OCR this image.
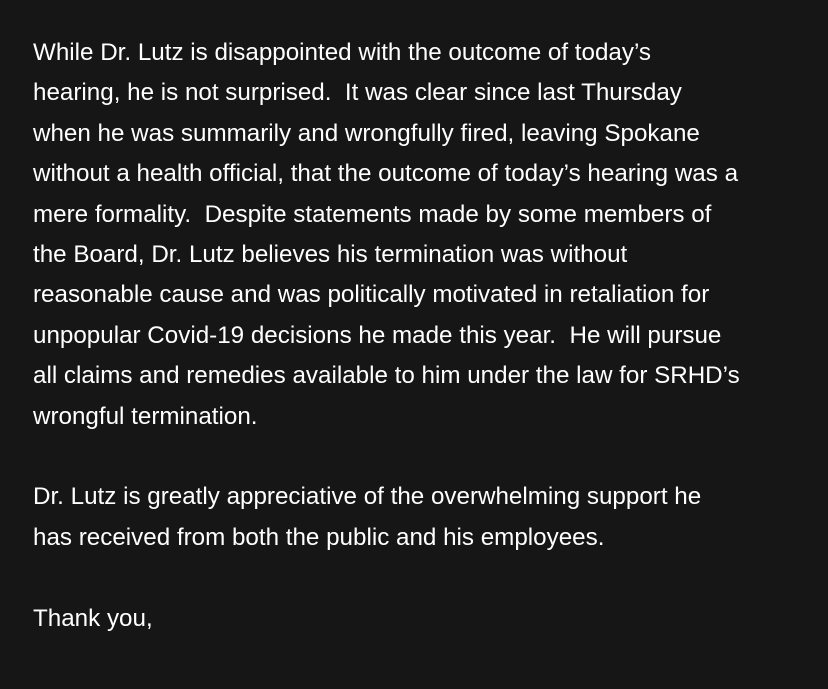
While Dr. Lutz is disappointed with the outcome of today’s
hearing, he is not surprised.  It was clear since last Thursday
when he was summarily and wrongfully fired, leaving Spokane
without a health official, that the outcome of today’s hearing was a
mere formality.  Despite statements made by some members of
the Board, Dr. Lutz believes his termination was without
reasonable cause and was politically motivated in retaliation for
unpopular Covid-19 decisions he made this year.  He will pursue
all claims and remedies available to him under the law for SRHD’s
wrongful termination.

Dr. Lutz is greatly appreciative of the overwhelming support he
has received from both the public and his employees.

Thank you,
